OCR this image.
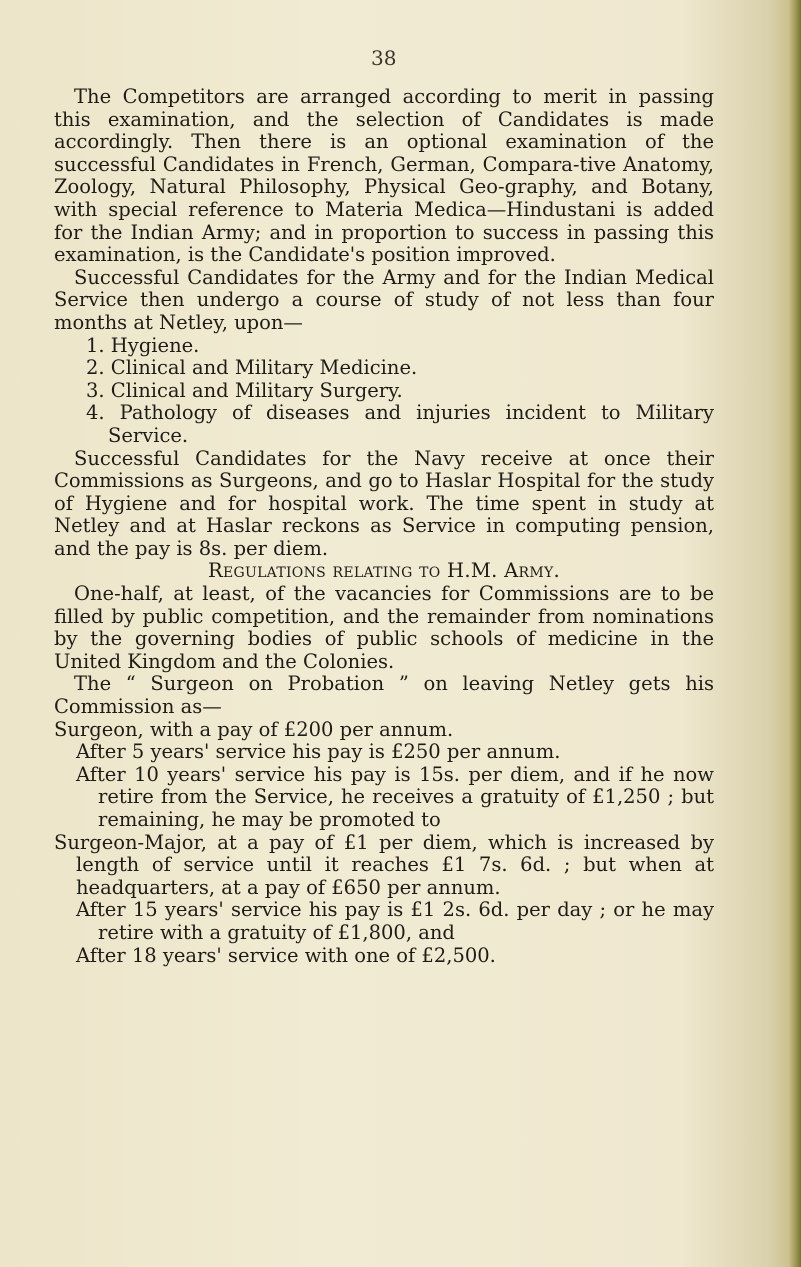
38

The Competitors are arranged according to merit in passing this examination, and the selection of Candidates is made accordingly. Then there is an optional examination of the successful Candidates in French, German, Compara-tive Anatomy, Zoology, Natural Philosophy, Physical Geo-graphy, and Botany, with special reference to Materia Medica—Hindustani is added for the Indian Army; and in proportion to success in passing this examination, is the Candidate's position improved.

Successful Candidates for the Army and for the Indian Medical Service then undergo a course of study of not less than four months at Netley, upon—

1. Hygiene.
2. Clinical and Military Medicine.
3. Clinical and Military Surgery.
4. Pathology of diseases and injuries incident to Military Service.

Successful Candidates for the Navy receive at once their Commissions as Surgeons, and go to Haslar Hospital for the study of Hygiene and for hospital work. The time spent in study at Netley and at Haslar reckons as Service in computing pension, and the pay is 8s. per diem.

Regulations relating to H.M. Army.

One-half, at least, of the vacancies for Commissions are to be filled by public competition, and the remainder from nominations by the governing bodies of public schools of medicine in the United Kingdom and the Colonies.

The “ Surgeon on Probation ” on leaving Netley gets his Commission as—

Surgeon, with a pay of £200 per annum.
After 5 years' service his pay is £250 per annum.
After 10 years' service his pay is 15s. per diem, and if he now retire from the Service, he receives a gratuity of £1,250 ; but remaining, he may be promoted to
Surgeon-Major, at a pay of £1 per diem, which is increased by length of service until it reaches £1 7s. 6d. ; but when at headquarters, at a pay of £650 per annum.
After 15 years' service his pay is £1 2s. 6d. per day ; or he may retire with a gratuity of £1,800, and
After 18 years' service with one of £2,500.
